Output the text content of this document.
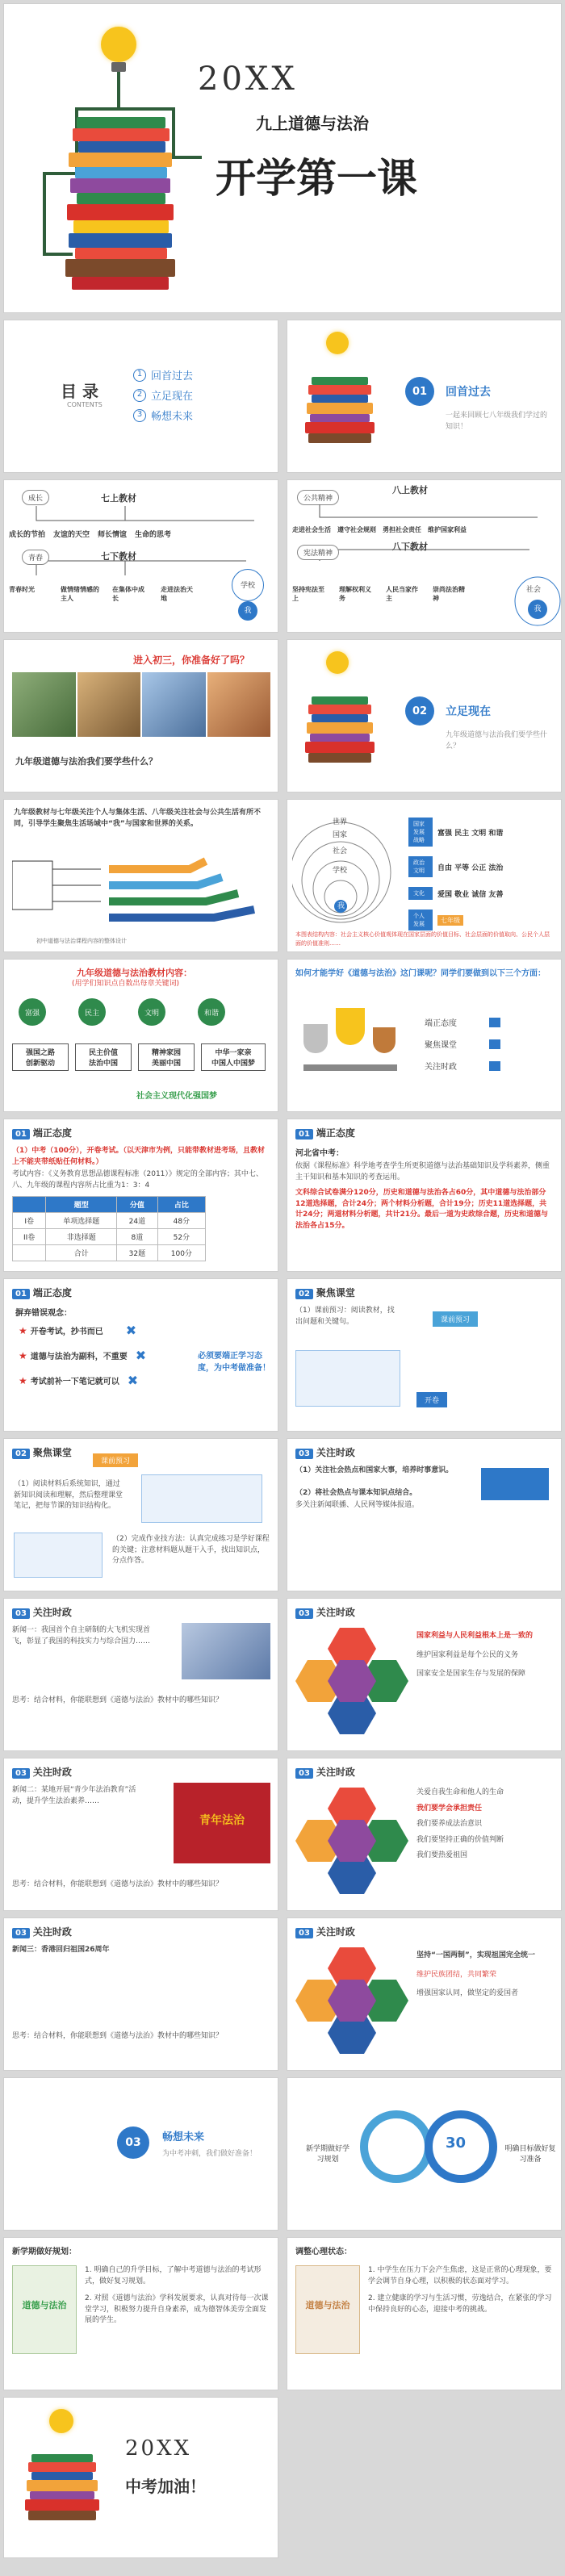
20XX
九上道德与法治
开学第一课
目 录
CONTENTS
1 回首过去
2 立足现在
3 畅想未来
01	回首过去
一起来回顾七八年级我们学过的知识！
成长	七上教材
成长的节拍 友谊的天空 师长情谊 生命的思考
青春	七下教材
青春时光	做情绪情感的主人
在集体中成长
走进法治天地
学校
我
公共精神
八上教材
走进社会生活 遵守社会规则 勇担社会责任 维护国家利益
宪法精神
八下教材
坚持宪法至上
理解权利义务
人民当家作主
崇尚法治精神
社会
我
进入初三，你准备好了吗？
九年级道德与法治我们要学些什么？
02	立足现在
九年级道德与法治我们要学些什么？
九年级教材与七年级关注个人与集体生活、八年级关注社会与公共生活有所不同，引导学生聚焦生活场域中“我”与国家和世界的关系。
初中道德与法治课程内容的整体设计
世界
国家
社会
学校
我
国家发展战略
富强 民主 文明 和谐
政治文明	自由 平等 公正 法治
文化	爱国 敬业 诚信 友善
个人发展
七年级
本图表结构内容：社会主义核心价值观体现在国家层面的价值目标、社会层面的价值取向、公民个人层面的价值准则……
九年级道德与法治教材内容：
(用学们知识点自数出每章关键词)
富强	民主	文明	和谐
强国之路
创新驱动
民主价值
法治中国
精神家园
美丽中国
中华一家亲
中国人中国梦
社会主义现代化强国梦
如何才能学好《道德与法治》这门课呢？同学们要做到以下三个方面：
端正态度
聚焦课堂
关注时政
01 端正态度
（1）中考（100分），开卷考试。（以天津市为例，只能带教材进考场，且教材上不能夹带纸贴任何材料。）
考试内容：《义务教育思想品德课程标准（2011）》规定的全部内容；其中七、八、九年级的课程内容所占比重为1：3：4
	题型	分值	占比
I卷	单项选择题	24道	48分
II卷	非选择题	8道	52分
	合计	32题	100分
01 端正态度
河北省中考：
依据《课程标准》科学地考查学生所更积道德与法治基础知识及学科素养，侧重主干知识和基本知识的考查运用。
文科综合试卷满分120分，历史和道德与法治各占60分，其中道德与法治部分12道选择题，合计24分；两个材料分析题，合计19分；历史11道选择题，共计24分；两道材料分析题，共计21分。最后一道为史政综合题，历史和道德与法治各占15分。
01 端正态度
摒弃错误观念：
★ 开卷考试，抄书而已 ✖
★ 道德与法治为副科，不重要 ✖
★ 考试前补一下笔记就可以 ✖
必须要端正学习态度，为中考做准备！
02 聚焦课堂
（1）课前预习：阅读教材，找出问题和关键句。	课前预习
开卷
02 聚焦课堂
课前预习
（1）阅读材料后系统知识，通过新知识阅读和理解，然后整理课堂笔记，把每节课的知识结构化。
（2）完成作业技方法：认真完成练习是学好课程的关键；注意材料题从题干入手，找出知识点，分点作答。
03 关注时政
（1）关注社会热点和国家大事，培养时事意识。
（2）将社会热点与课本知识点结合。
多关注新闻联播、人民网等媒体报道。
03 关注时政
新闻一：我国首个自主研制的大飞机实现首飞，彰显了我国的科技实力与综合国力……
思考：结合材料，你能联想到《道德与法治》教材中的哪些知识？
03 关注时政
国家利益与人民利益根本上是一致的
维护国家利益是每个公民的义务
国家安全是国家生存与发展的保障
03 关注时政
新闻二：某地开展“青少年法治教育”活动，提升学生法治素养……
青年法治
思考：结合材料，你能联想到《道德与法治》教材中的哪些知识？
03 关注时政
关爱自我生命和他人的生命
我们要学会承担责任
我们要养成法治意识
我们要坚持正确的价值判断
我们要热爱祖国
03 关注时政
新闻三：香港回归祖国26周年
思考：结合材料，你能联想到《道德与法治》教材中的哪些知识？
03 关注时政
坚持“一国两制”，实现祖国完全统一
维护民族团结，共同繁荣
增强国家认同，做坚定的爱国者
03	畅想未来
为中考冲刺，我们做好准备！
新学期做好学习规划
30	明确目标做好复习准备
新学期做好规划：
道德与法治
1. 明确自己的升学目标，了解中考道德与法治的考试形式，做好复习规划。
2. 对照《道德与法治》学科发展要求，认真对待每一次课堂学习，积极努力提升自身素养，成为德智体美劳全面发展的学生。
调整心理状态：
道德与法治
1. 中学生在压力下会产生焦虑，这是正常的心理现象，要学会调节自身心理，以积极的状态面对学习。
2. 建立健康的学习与生活习惯，劳逸结合，在紧张的学习中保持良好的心态，迎接中考的挑战。
20XX
中考加油！
